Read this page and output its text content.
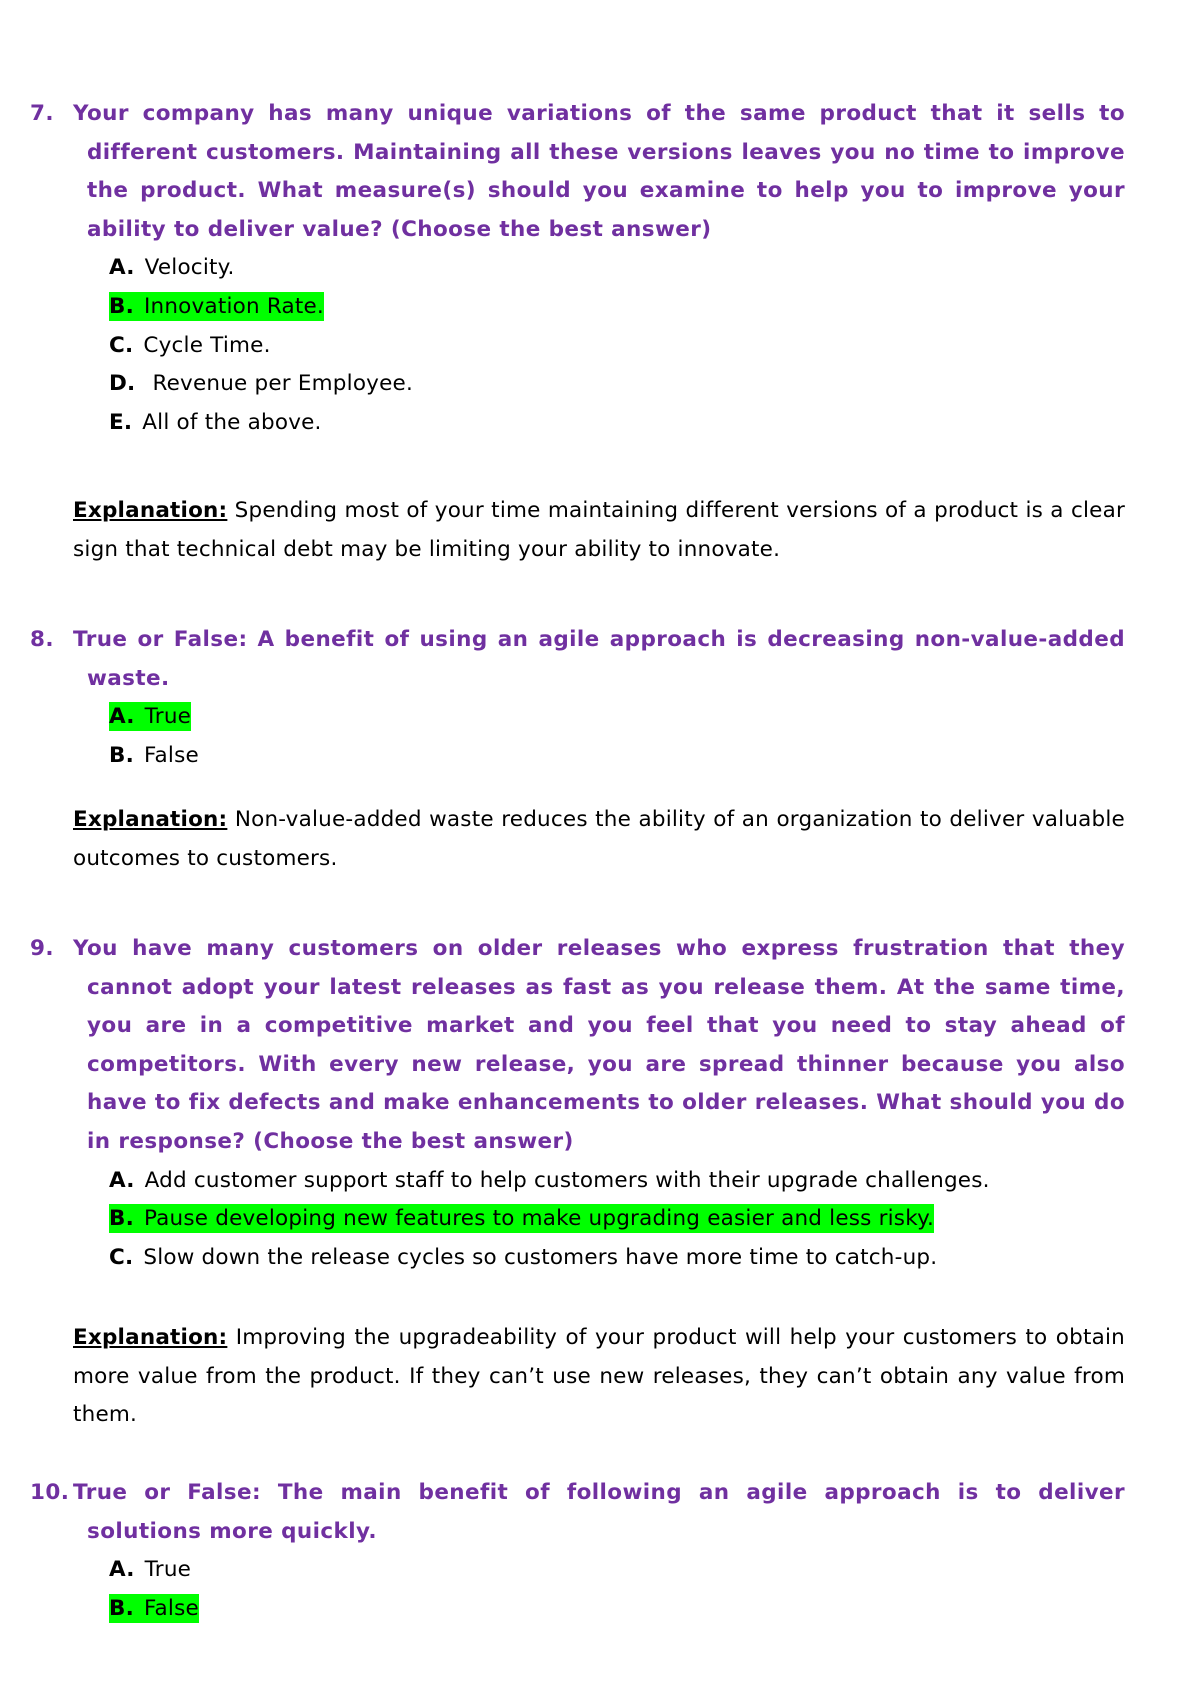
7. Your company has many unique variations of the same product that it sells to different customers. Maintaining all these versions leaves you no time to improve the product. What measure(s) should you examine to help you to improve your ability to deliver value? (Choose the best answer)
A. Velocity.
B. Innovation Rate.
C. Cycle Time.
D. Revenue per Employee.
E. All of the above.
Explanation: Spending most of your time maintaining different versions of a product is a clear sign that technical debt may be limiting your ability to innovate.
8. True or False: A benefit of using an agile approach is decreasing non-value-added waste.
A. True
B. False
Explanation: Non-value-added waste reduces the ability of an organization to deliver valuable outcomes to customers.
9. You have many customers on older releases who express frustration that they cannot adopt your latest releases as fast as you release them. At the same time, you are in a competitive market and you feel that you need to stay ahead of competitors. With every new release, you are spread thinner because you also have to fix defects and make enhancements to older releases. What should you do in response? (Choose the best answer)
A. Add customer support staff to help customers with their upgrade challenges.
B. Pause developing new features to make upgrading easier and less risky.
C. Slow down the release cycles so customers have more time to catch-up.
Explanation: Improving the upgradeability of your product will help your customers to obtain more value from the product. If they can’t use new releases, they can’t obtain any value from them.
10. True or False: The main benefit of following an agile approach is to deliver solutions more quickly.
A. True
B. False
